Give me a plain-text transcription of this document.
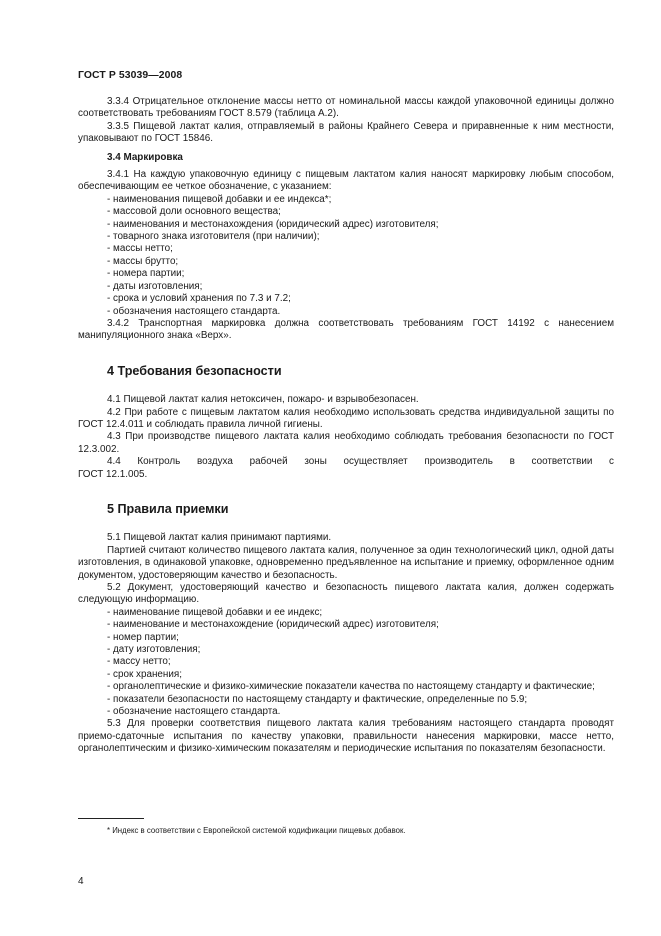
ГОСТ Р 53039—2008

3.3.4 Отрицательное отклонение массы нетто от номинальной массы каждой упаковочной единицы должно соответствовать требованиям ГОСТ 8.579 (таблица А.2).

3.3.5 Пищевой лактат калия, отправляемый в районы Крайнего Севера и приравненные к ним местности, упаковывают по ГОСТ 15846.

3.4 Маркировка

3.4.1 На каждую упаковочную единицу с пищевым лактатом калия наносят маркировку любым способом, обеспечивающим ее четкое обозначение, с указанием:

- наименования пищевой добавки и ее индекса*;

- массовой доли основного вещества;

- наименования и местонахождения (юридический адрес) изготовителя;

- товарного знака изготовителя (при наличии);

- массы нетто;

- массы брутто;

- номера партии;

- даты изготовления;

- срока и условий хранения по 7.3 и 7.2;

- обозначения настоящего стандарта.

3.4.2 Транспортная маркировка должна соответствовать требованиям ГОСТ 14192 с нанесением манипуляционного знака «Верх».

4 Требования безопасности

4.1 Пищевой лактат калия нетоксичен, пожаро- и взрывобезопасен.

4.2 При работе с пищевым лактатом калия необходимо использовать средства индивидуальной защиты по ГОСТ 12.4.011 и соблюдать правила личной гигиены.

4.3 При производстве пищевого лактата калия необходимо соблюдать требования безопасности по ГОСТ 12.3.002.

4.4 Контроль воздуха рабочей зоны осуществляет производитель в соответствии с

ГОСТ 12.1.005.

5 Правила приемки

5.1 Пищевой лактат калия принимают партиями.

Партией считают количество пищевого лактата калия, полученное за один технологический цикл, одной даты изготовления, в одинаковой упаковке, одновременно предъявленное на испытание и приемку, оформленное одним документом, удостоверяющим качество и безопасность.

5.2 Документ, удостоверяющий качество и безопасность пищевого лактата калия, должен содержать следующую информацию.

- наименование пищевой добавки и ее индекс;

- наименование и местонахождение (юридический адрес) изготовителя;

- номер партии;

- дату изготовления;

- массу нетто;

- срок хранения;

- органолептические и физико-химические показатели качества по настоящему стандарту и фактические;

- показатели безопасности по настоящему стандарту и фактические, определенные по 5.9;

- обозначение настоящего стандарта.

5.3 Для проверки соответствия пищевого лактата калия требованиям настоящего стандарта проводят приемо-сдаточные испытания по качеству упаковки, правильности нанесения маркировки, массе нетто, органолептическим и физико-химическим показателям и периодические испытания по показателям безопасности.

* Индекс в соответствии с Европейской системой кодификации пищевых добавок.
4
